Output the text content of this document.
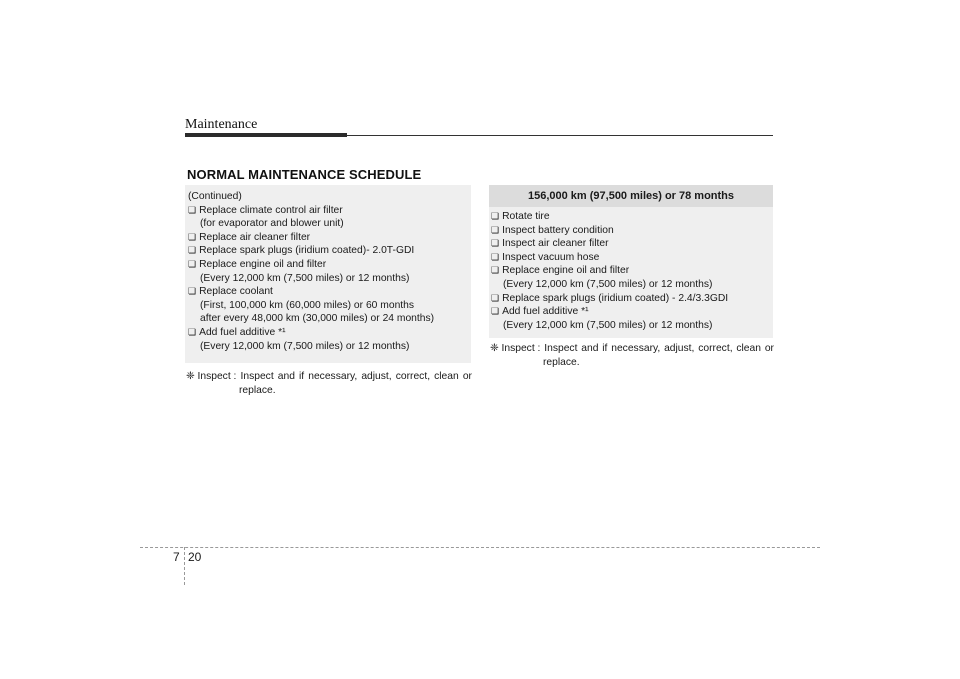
Maintenance
NORMAL MAINTENANCE SCHEDULE
(Continued)
❏ Replace climate control air filter
(for evaporator and blower unit)
❏ Replace air cleaner filter
❏ Replace spark plugs (iridium coated)- 2.0T-GDI
❏ Replace engine oil and filter
(Every 12,000 km (7,500 miles) or 12 months)
❏ Replace coolant
(First, 100,000 km (60,000 miles) or 60 months
after every 48,000 km (30,000 miles) or 24 months)
❏ Add fuel additive *¹
(Every 12,000 km (7,500 miles) or 12 months)
156,000 km (97,500 miles) or 78 months
❏ Rotate tire
❏ Inspect battery condition
❏ Inspect air cleaner filter
❏ Inspect vacuum hose
❏ Replace engine oil and filter
(Every 12,000 km (7,500 miles) or 12 months)
❏ Replace spark plugs (iridium coated) - 2.4/3.3GDI
❏ Add fuel additive *¹
(Every 12,000 km (7,500 miles) or 12 months)
❈ Inspect : Inspect and if necessary, adjust, correct, clean or
replace.
❈ Inspect : Inspect and if necessary, adjust, correct, clean or
replace.
7 20
